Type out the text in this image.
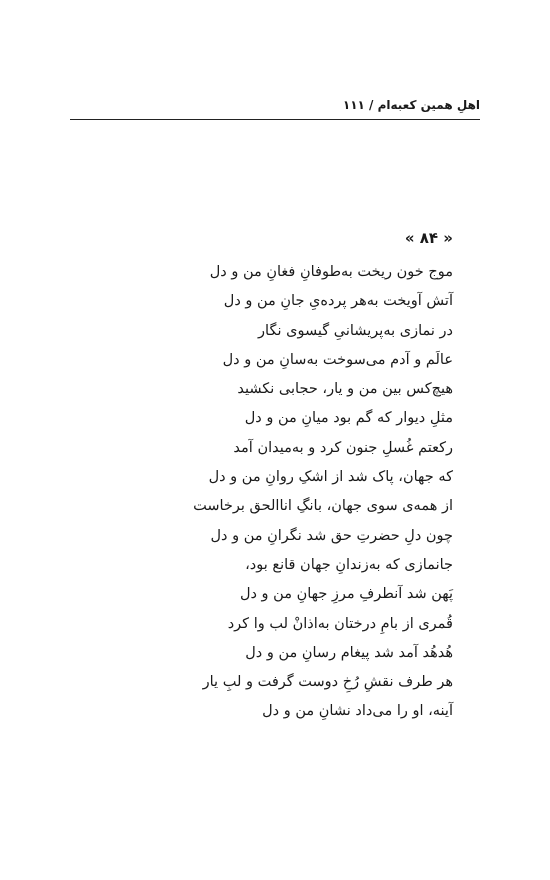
اهلِ همین کعبه‌ام / ۱۱۱
« ۸۴ »
موج خون ریخت به‌طوفانِ فغانِ من و دل
آتش آویخت به‌هر پرده‌یِ جانِ من و دل
در نمازی به‌پریشانیِ گیسوی نگار
عالَم و آدم می‌سوخت به‌سانِ من و دل
هیچ‌کس بین من و یار، حجابی نکشید
مثلِ دیوار که گم بود میانِ من و دل
رکعتم غُسلِ جنون کرد و به‌میدان آمد
که جهان، پاک شد از اشکِ روانِ من و دل
از همه‌ی سوی جهان، بانگِ اناالحق برخاست
چون دلِ حضرتِ حق شد نگرانِ من و دل
جانمازی که به‌زندانِ جهان قانع بود،
پَهن شد آنطرفِ مرزِ جهانِ من و دل
قُمری از بامِ درختان به‌اذانْ لب وا کرد
هُدهُد آمد شد پیغام رسانِ من و دل
هر طرف نقشِ رُخِ دوست گرفت و لبِ یار
آینه، او را می‌داد نشانِ من و دل
